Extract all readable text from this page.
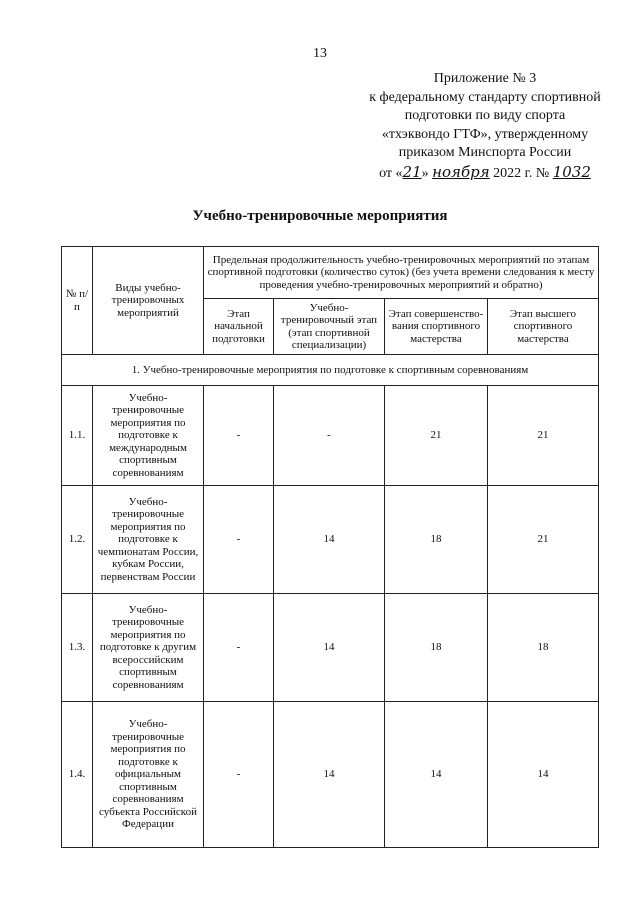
13
Приложение № 3
к федеральному стандарту спортивной
подготовки по виду спорта
«тхэквондо ГТФ», утвержденному
приказом Минспорта России
от «21» ноября 2022 г. № 1032
Учебно-тренировочные мероприятия
№ п/п	Виды учебно-тренировочных мероприятий	Предельная продолжительность учебно-тренировочных мероприятий по этапам спортивной подготовки (количество суток) (без учета времени следования к месту проведения учебно-тренировочных мероприятий и обратно)			
		Этап начальной подготовки	Учебно-тренировочный этап (этап спортивной специализации)	Этап совершенство-вания спортивного мастерства	Этап высшего спортивного мастерства
1. Учебно-тренировочные мероприятия по подготовке к спортивным соревнованиям					
1.1.	Учебно-тренировочные мероприятия по подготовке к международным спортивным соревнованиям	-	-	21	21
1.2.	Учебно-тренировочные мероприятия по подготовке к чемпионатам России, кубкам России, первенствам России	-	14	18	21
1.3.	Учебно-тренировочные мероприятия по подготовке к другим всероссийским спортивным соревнованиям	-	14	18	18
1.4.	Учебно-тренировочные мероприятия по подготовке к официальным спортивным соревнованиям субъекта Российской Федерации	-	14	14	14
